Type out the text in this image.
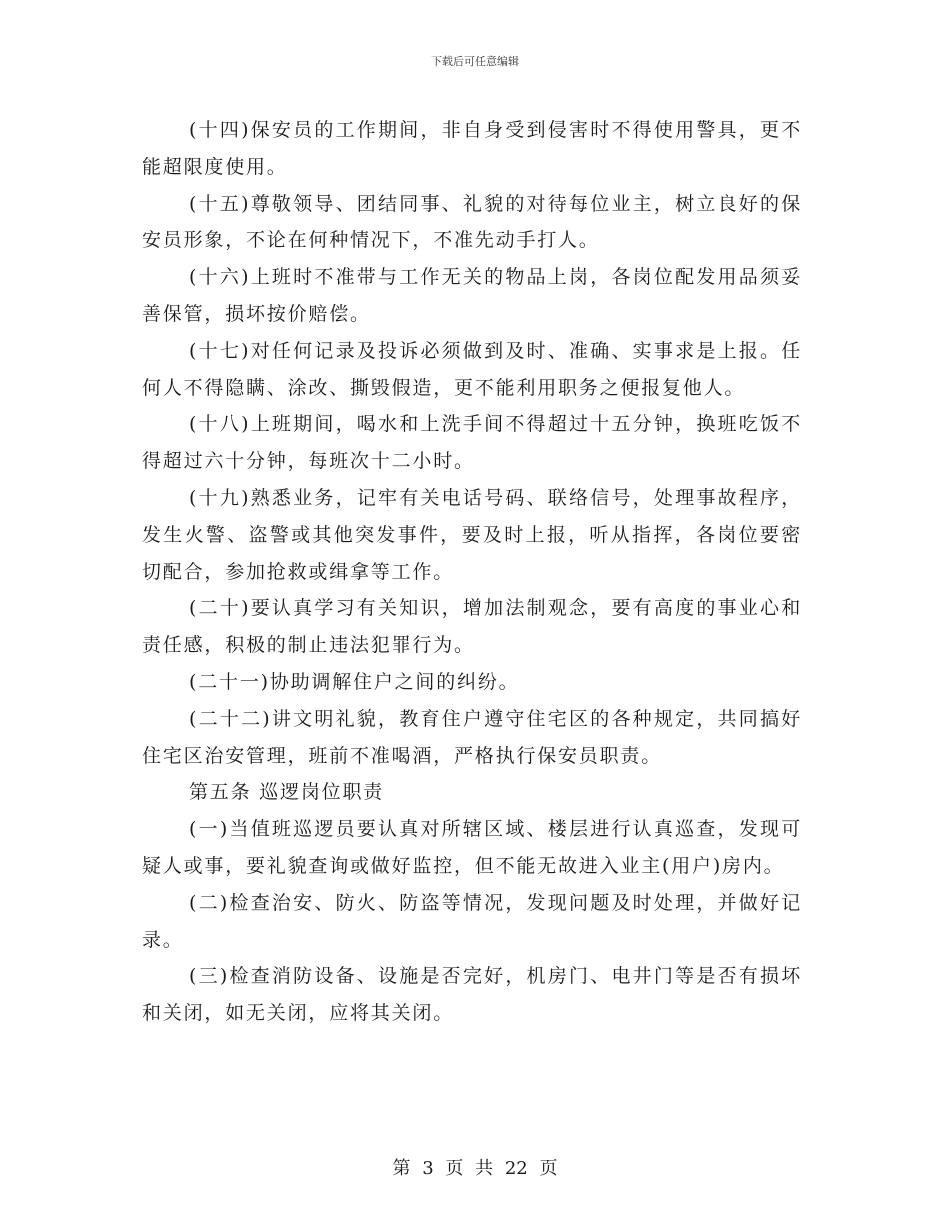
下载后可任意编辑

(十四)保安员的工作期间，非自身受到侵害时不得使用警具，更不能超限度使用。

(十五)尊敬领导、团结同事、礼貌的对待每位业主，树立良好的保安员形象，不论在何种情况下，不准先动手打人。

(十六)上班时不准带与工作无关的物品上岗，各岗位配发用品须妥善保管，损坏按价赔偿。

(十七)对任何记录及投诉必须做到及时、准确、实事求是上报。任何人不得隐瞒、涂改、撕毁假造，更不能利用职务之便报复他人。

(十八)上班期间，喝水和上洗手间不得超过十五分钟，换班吃饭不得超过六十分钟，每班次十二小时。

(十九)熟悉业务，记牢有关电话号码、联络信号，处理事故程序，发生火警、盗警或其他突发事件，要及时上报，听从指挥，各岗位要密切配合，参加抢救或缉拿等工作。

(二十)要认真学习有关知识，增加法制观念，要有高度的事业心和责任感，积极的制止违法犯罪行为。

(二十一)协助调解住户之间的纠纷。

(二十二)讲文明礼貌，教育住户遵守住宅区的各种规定，共同搞好住宅区治安管理，班前不准喝酒，严格执行保安员职责。

第五条 巡逻岗位职责

(一)当值班巡逻员要认真对所辖区域、楼层进行认真巡查，发现可疑人或事，要礼貌查询或做好监控，但不能无故进入业主(用户)房内。

(二)检查治安、防火、防盗等情况，发现问题及时处理，并做好记录。

(三)检查消防设备、设施是否完好，机房门、电井门等是否有损坏和关闭，如无关闭，应将其关闭。

第 3 页 共 22 页
